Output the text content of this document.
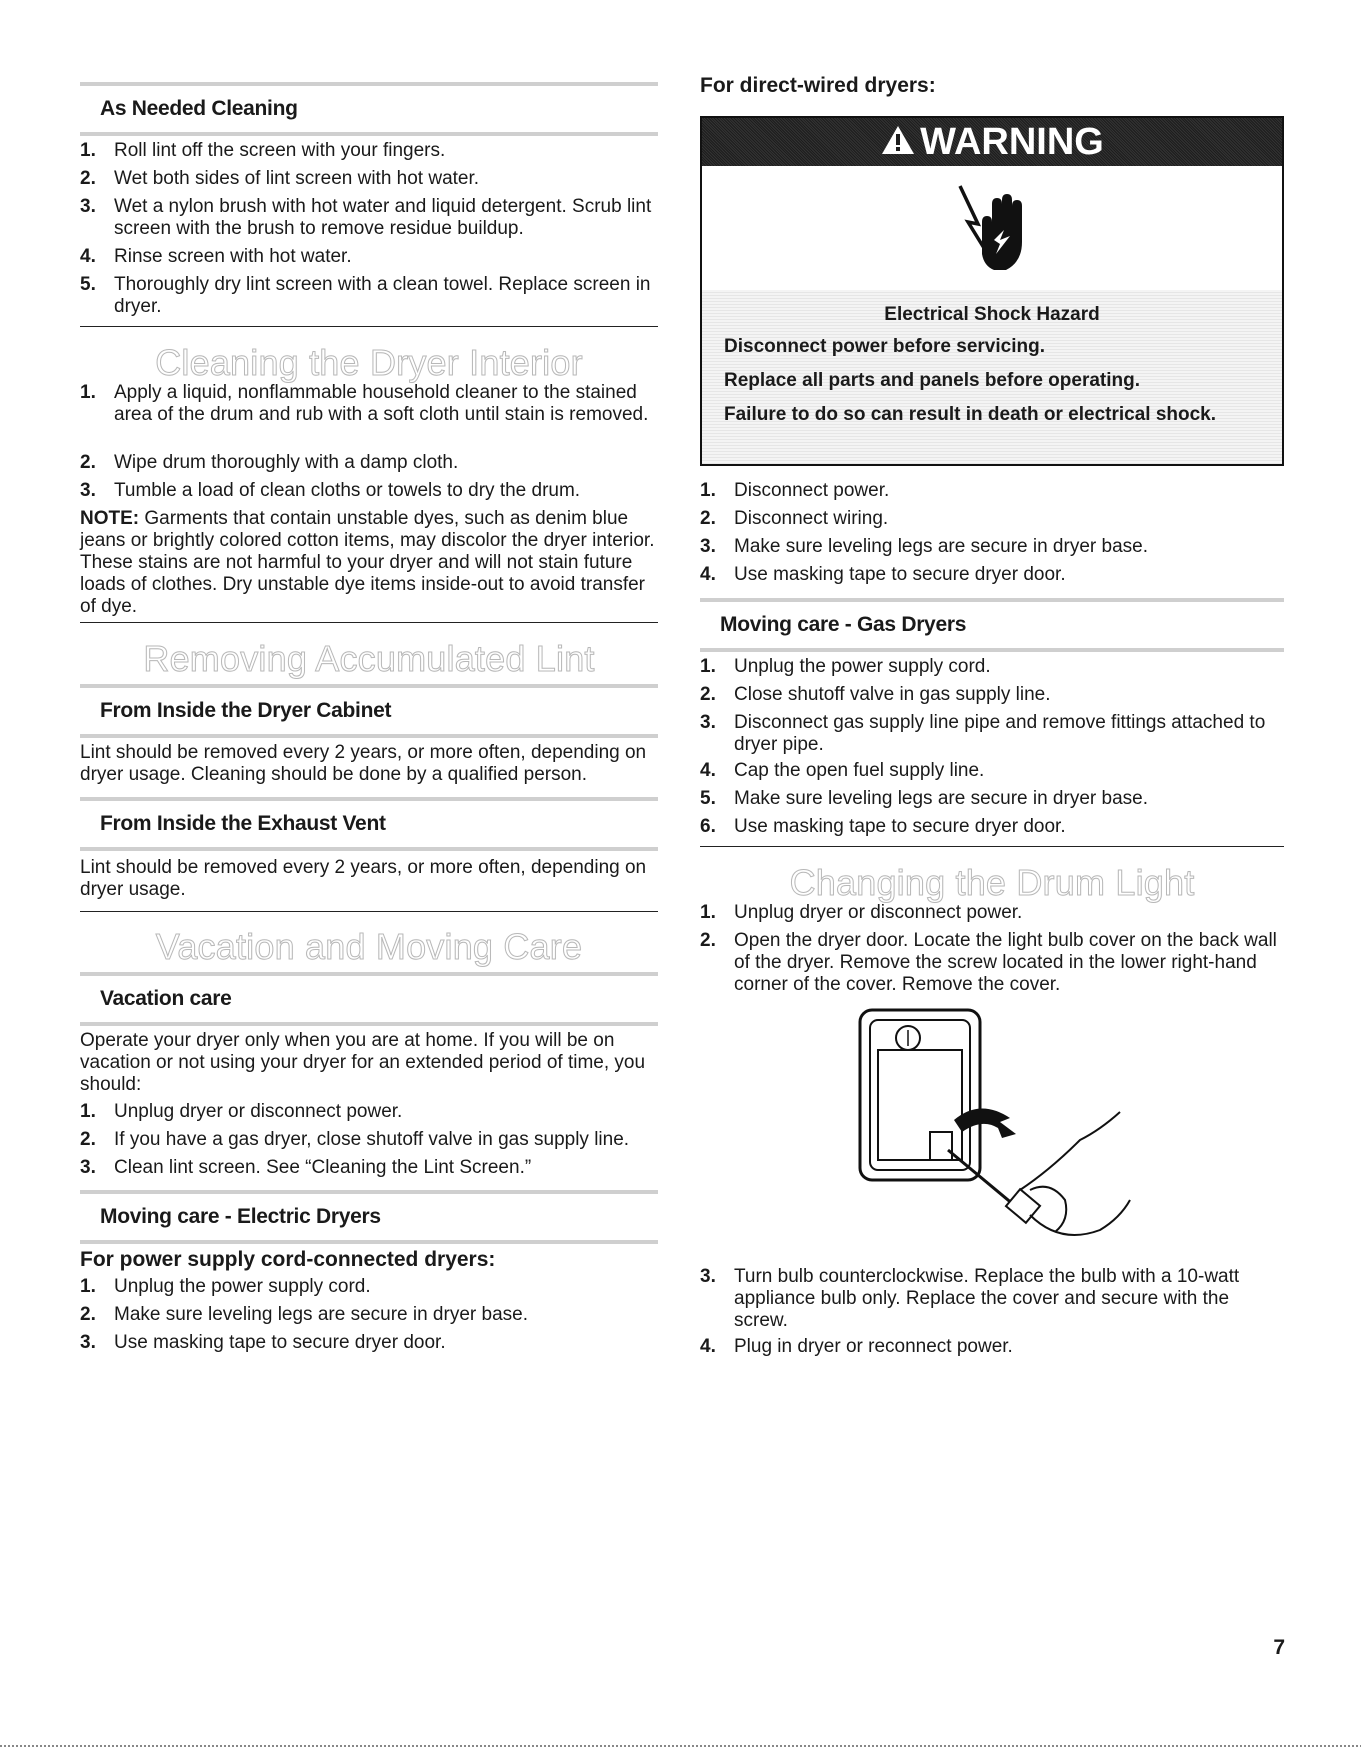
As Needed Cleaning
1. Roll lint off the screen with your fingers.
2. Wet both sides of lint screen with hot water.
3. Wet a nylon brush with hot water and liquid detergent. Scrub lint screen with the brush to remove residue buildup.
4. Rinse screen with hot water.
5. Thoroughly dry lint screen with a clean towel. Replace screen in dryer.
Cleaning the Dryer Interior
1. Apply a liquid, nonflammable household cleaner to the stained area of the drum and rub with a soft cloth until stain is removed.
2. Wipe drum thoroughly with a damp cloth.
3. Tumble a load of clean cloths or towels to dry the drum.
NOTE: Garments that contain unstable dyes, such as denim blue jeans or brightly colored cotton items, may discolor the dryer interior. These stains are not harmful to your dryer and will not stain future loads of clothes. Dry unstable dye items inside-out to avoid transfer of dye.
Removing Accumulated Lint
From Inside the Dryer Cabinet
Lint should be removed every 2 years, or more often, depending on dryer usage. Cleaning should be done by a qualified person.
From Inside the Exhaust Vent
Lint should be removed every 2 years, or more often, depending on dryer usage.
Vacation and Moving Care
Vacation care
Operate your dryer only when you are at home. If you will be on vacation or not using your dryer for an extended period of time, you should:
1. Unplug dryer or disconnect power.
2. If you have a gas dryer, close shutoff valve in gas supply line.
3. Clean lint screen. See “Cleaning the Lint Screen.”
Moving care - Electric Dryers
For power supply cord-connected dryers:
1. Unplug the power supply cord.
2. Make sure leveling legs are secure in dryer base.
3. Use masking tape to secure dryer door.
For direct-wired dryers:
WARNING
Electrical Shock Hazard
Disconnect power before servicing.
Replace all parts and panels before operating.
Failure to do so can result in death or electrical shock.
1. Disconnect power.
2. Disconnect wiring.
3. Make sure leveling legs are secure in dryer base.
4. Use masking tape to secure dryer door.
Moving care - Gas Dryers
1. Unplug the power supply cord.
2. Close shutoff valve in gas supply line.
3. Disconnect gas supply line pipe and remove fittings attached to dryer pipe.
4. Cap the open fuel supply line.
5. Make sure leveling legs are secure in dryer base.
6. Use masking tape to secure dryer door.
Changing the Drum Light
1. Unplug dryer or disconnect power.
2. Open the dryer door. Locate the light bulb cover on the back wall of the dryer. Remove the screw located in the lower right-hand corner of the cover. Remove the cover.
3. Turn bulb counterclockwise. Replace the bulb with a 10-watt appliance bulb only. Replace the cover and secure with the screw.
4. Plug in dryer or reconnect power.
7
